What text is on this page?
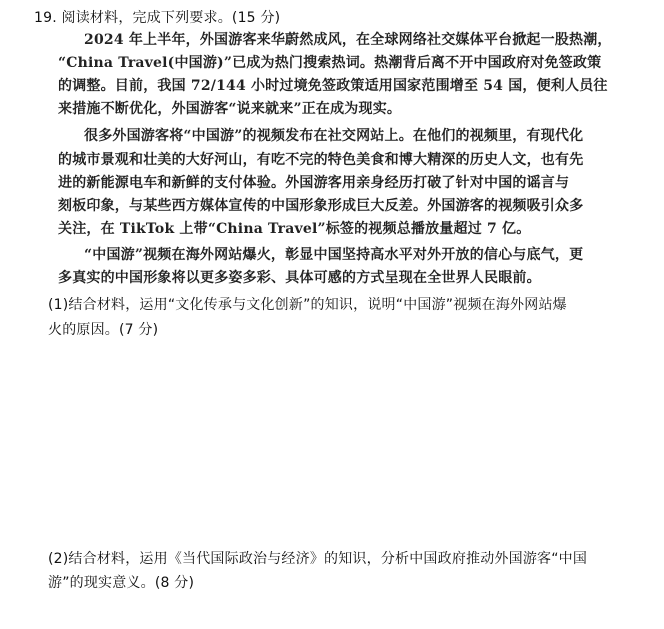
19. 阅读材料，完成下列要求。(15 分)
2024 年上半年，外国游客来华蔚然成风，在全球网络社交媒体平台掀起一股热潮，
“China Travel(中国游)”已成为热门搜索热词。热潮背后离不开中国政府对免签政策
的调整。目前，我国 72/144 小时过境免签政策适用国家范围增至 54 国，便利人员往
来措施不断优化，外国游客“说来就来”正在成为现实。
很多外国游客将“中国游”的视频发布在社交网站上。在他们的视频里，有现代化
的城市景观和壮美的大好河山，有吃不完的特色美食和博大精深的历史人文，也有先
进的新能源电车和新鲜的支付体验。外国游客用亲身经历打破了针对中国的谣言与
刻板印象，与某些西方媒体宣传的中国形象形成巨大反差。外国游客的视频吸引众多
关注，在 TikTok 上带“China Travel”标签的视频总播放量超过 7 亿。
“中国游”视频在海外网站爆火，彰显中国坚持高水平对外开放的信心与底气，更
多真实的中国形象将以更多姿多彩、具体可感的方式呈现在全世界人民眼前。
(1)结合材料，运用“文化传承与文化创新”的知识，说明“中国游”视频在海外网站爆
火的原因。(7 分)
(2)结合材料，运用《当代国际政治与经济》的知识，分析中国政府推动外国游客“中国
游”的现实意义。(8 分)
